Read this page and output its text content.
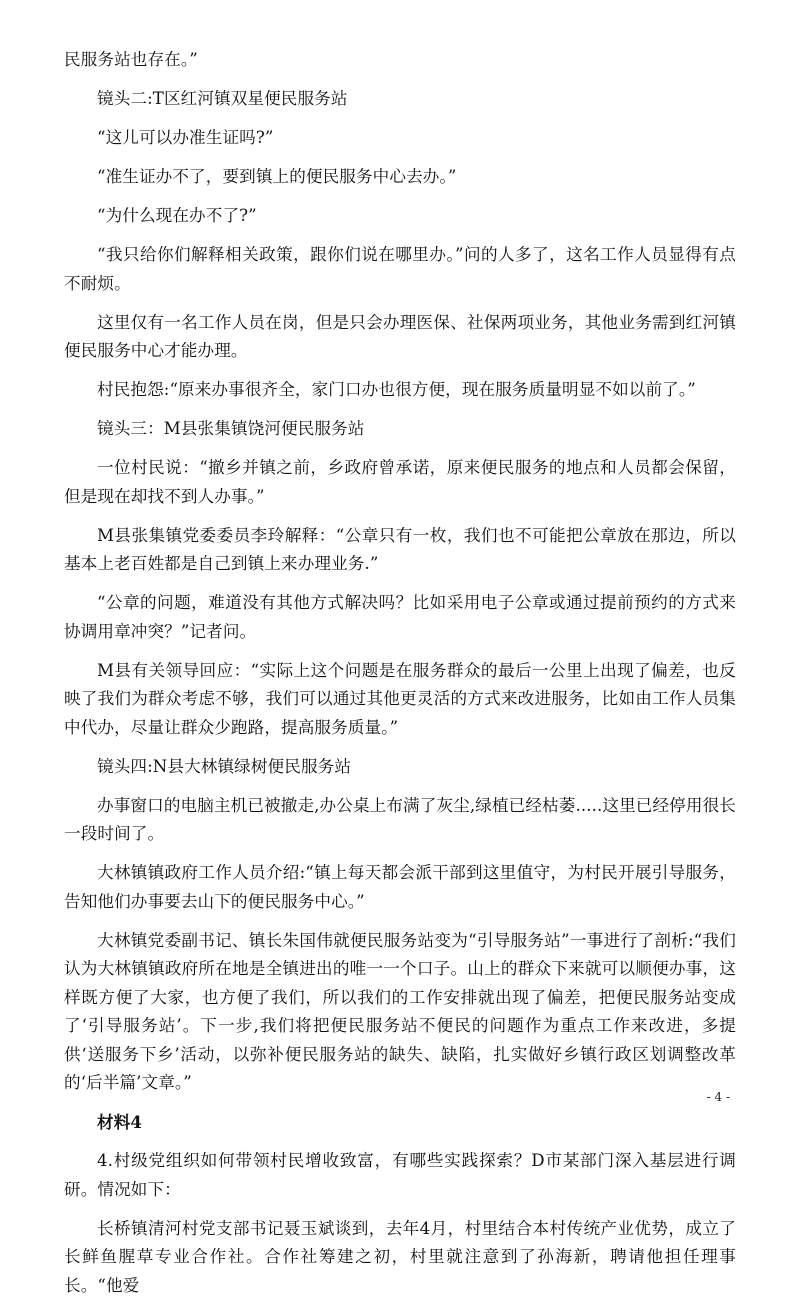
民服务站也存在。”

镜头二:T区红河镇双星便民服务站

“这儿可以办准生证吗?”

“准生证办不了，要到镇上的便民服务中心去办。”

“为什么现在办不了?”

“我只给你们解释相关政策，跟你们说在哪里办。”问的人多了，这名工作人员显得有点不耐烦。

这里仅有一名工作人员在岗，但是只会办理医保、社保两项业务，其他业务需到红河镇便民服务中心才能办理。

村民抱怨:“原来办事很齐全，家门口办也很方便，现在服务质量明显不如以前了。”

镜头三：M县张集镇饶河便民服务站

一位村民说：“撤乡并镇之前，乡政府曾承诺，原来便民服务的地点和人员都会保留，但是现在却找不到人办事。”

M县张集镇党委委员李玲解释：“公章只有一枚，我们也不可能把公章放在那边，所以基本上老百姓都是自己到镇上来办理业务.”

“公章的问题，难道没有其他方式解决吗？比如采用电子公章或通过提前预约的方式来协调用章冲突？”记者问。

M县有关领导回应：“实际上这个问题是在服务群众的最后一公里上出现了偏差，也反映了我们为群众考虑不够，我们可以通过其他更灵活的方式来改进服务，比如由工作人员集中代办，尽量让群众少跑路，提高服务质量。”

镜头四:N县大林镇绿树便民服务站

办事窗口的电脑主机已被撤走,办公桌上布满了灰尘,绿植已经枯萎.....这里已经停用很长一段时间了。

大林镇镇政府工作人员介绍:“镇上每天都会派干部到这里值守，为村民开展引导服务，告知他们办事要去山下的便民服务中心。”

大林镇党委副书记、镇长朱国伟就便民服务站变为“引导服务站”一事进行了剖析:“我们认为大林镇镇政府所在地是全镇进出的唯一一个口子。山上的群众下来就可以顺便办事，这样既方便了大家，也方便了我们，所以我们的工作安排就出现了偏差，把便民服务站变成了‘引导服务站’。下一步,我们将把便民服务站不便民的问题作为重点工作来改进，多提供‘送服务下乡’活动，以弥补便民服务站的缺失、缺陷，扎实做好乡镇行政区划调整改革的‘后半篇’文章。”

材料4

4.村级党组织如何带领村民增收致富，有哪些实践探索？D市某部门深入基层进行调研。情况如下：

长桥镇清河村党支部书记聂玉斌谈到，去年4月，村里结合本村传统产业优势，成立了长鲜鱼腥草专业合作社。合作社筹建之初，村里就注意到了孙海新，聘请他担任理事长。“他爱

- 4 -
